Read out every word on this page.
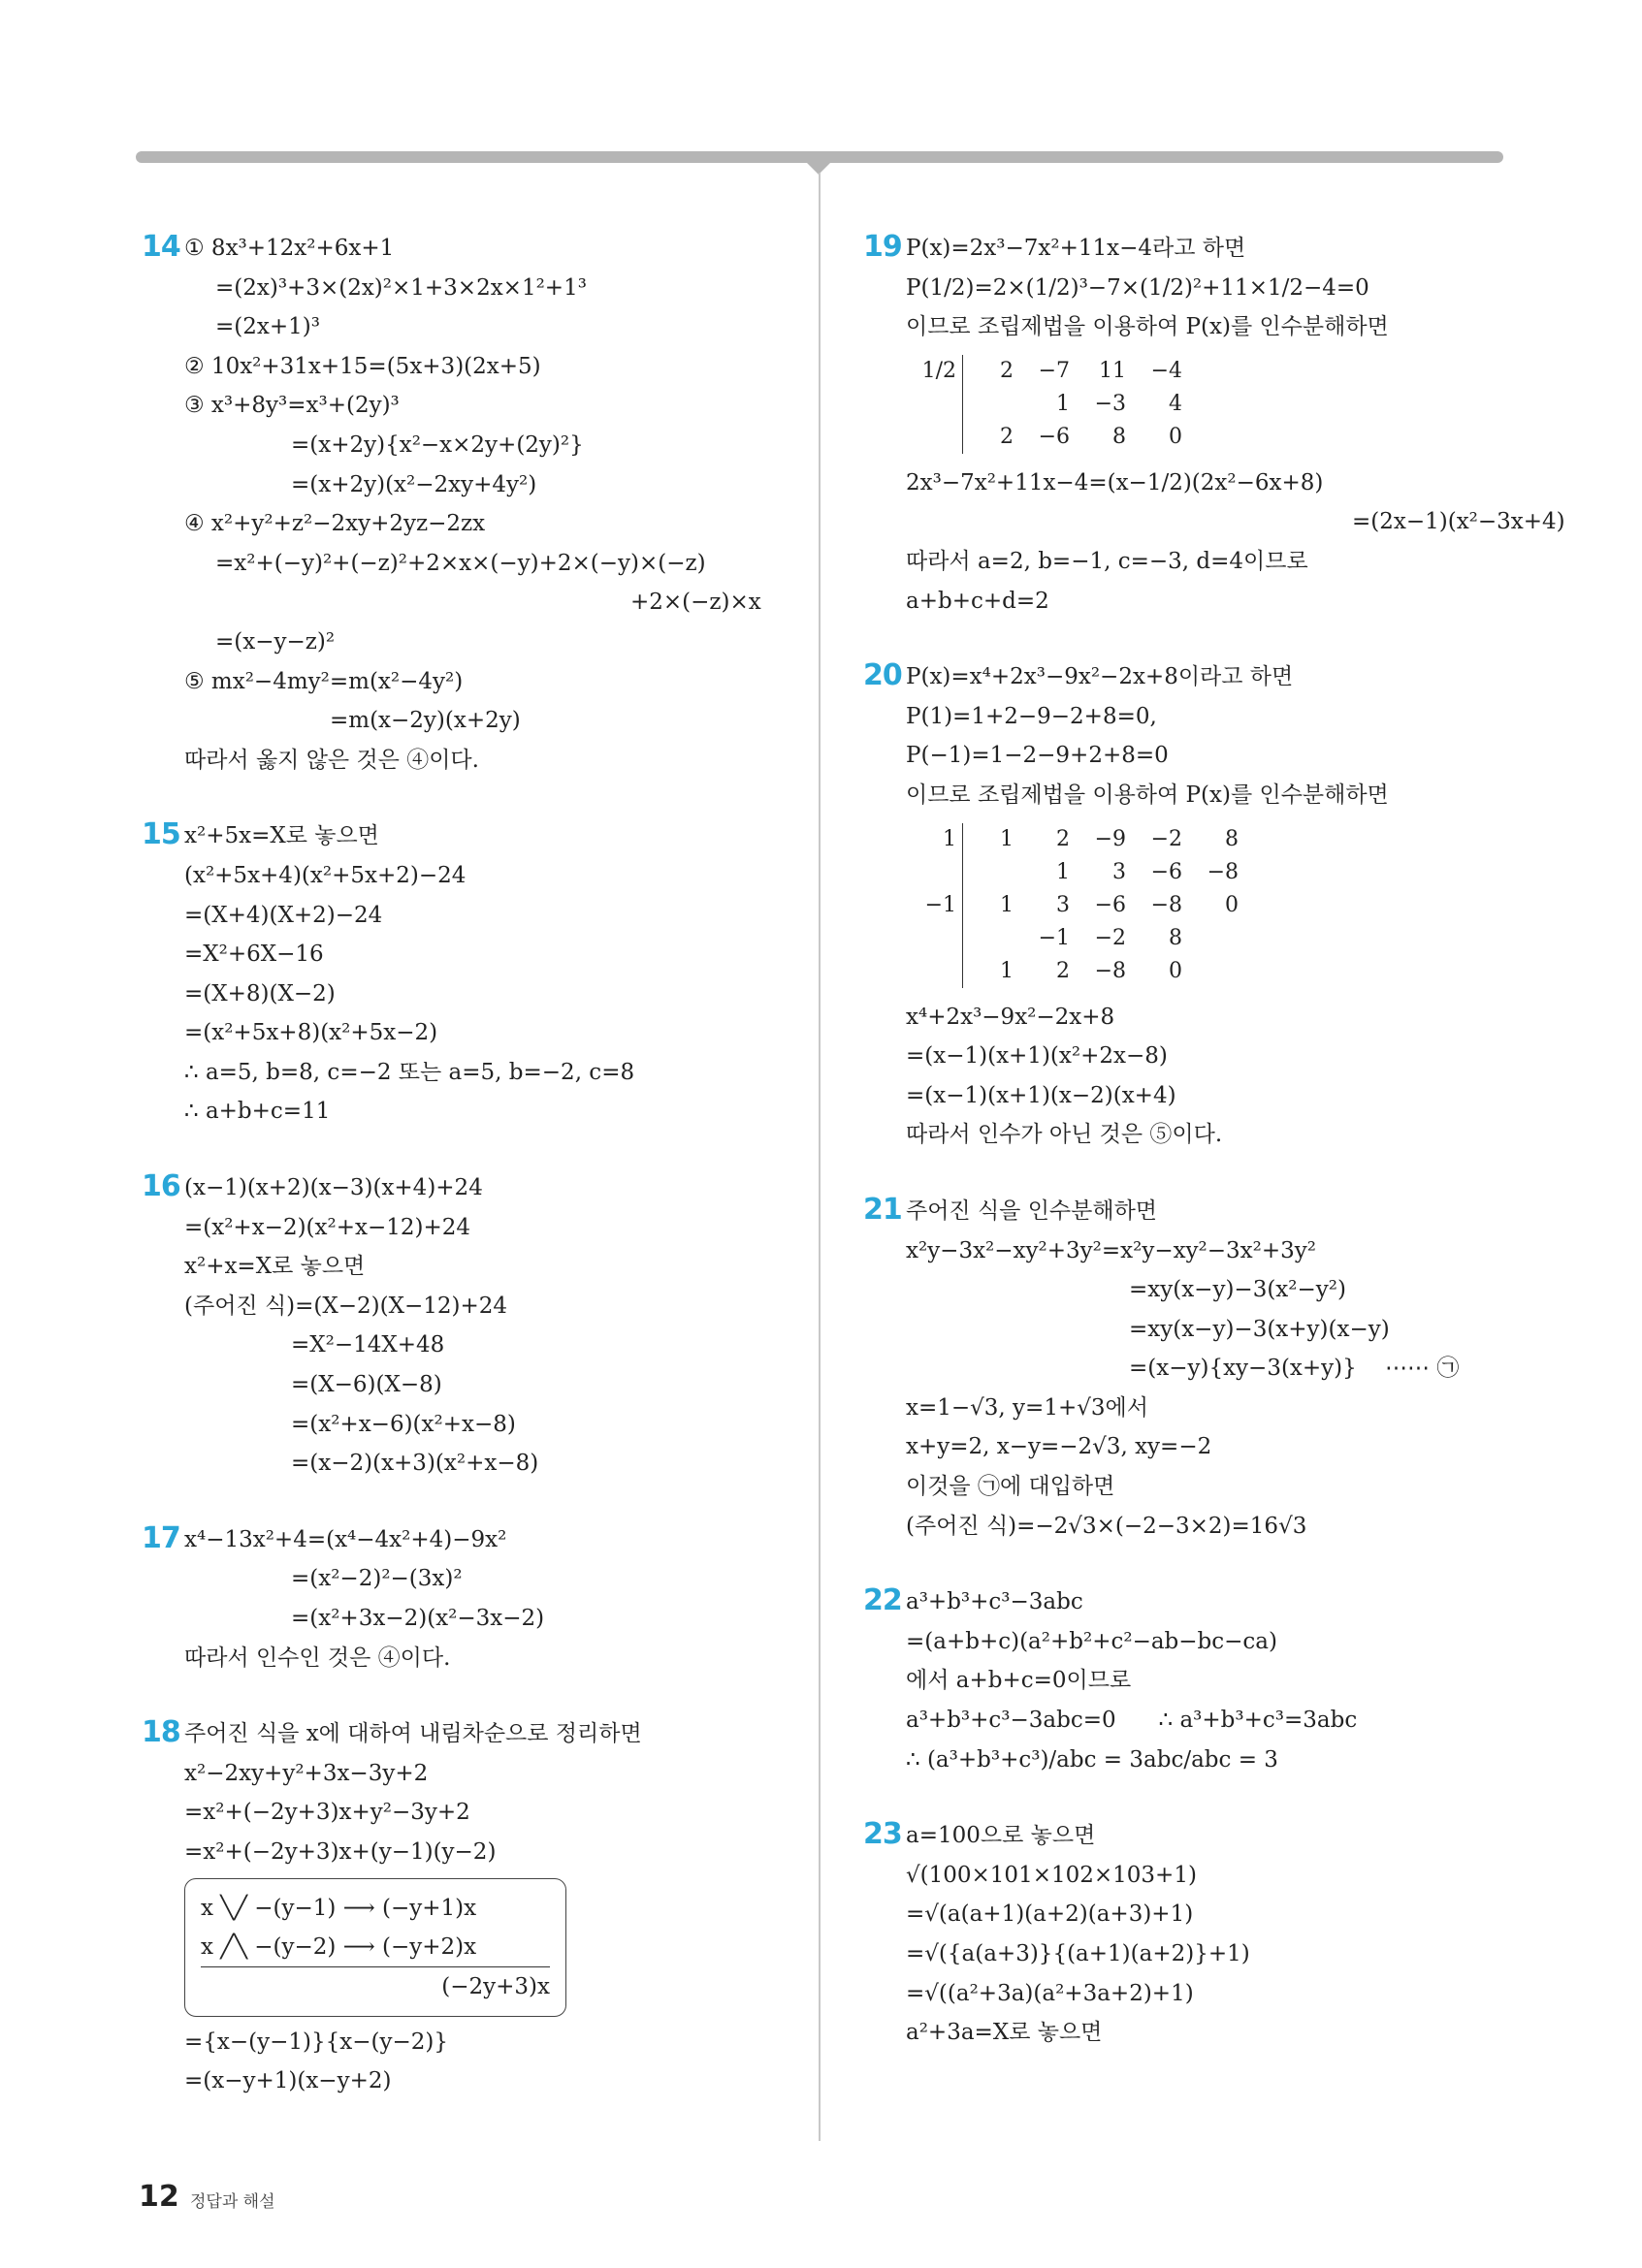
14 ① 8x³+12x²+6x+1
=(2x)³+3×(2x)²×1+3×2x×1²+1³
=(2x+1)³
② 10x²+31x+15=(5x+3)(2x+5)
③ x³+8y³=x³+(2y)³
=(x+2y){x²−x×2y+(2y)²}
=(x+2y)(x²−2xy+4y²)
④ x²+y²+z²−2xy+2yz−2zx
=x²+(−y)²+(−z)²+2×x×(−y)+2×(−y)×(−z)
+2×(−z)×x
=(x−y−z)²
⑤ mx²−4my²=m(x²−4y²)
=m(x−2y)(x+2y)
따라서 옳지 않은 것은 ④이다.
15 x²+5x=X로 놓으면
(x²+5x+4)(x²+5x+2)−24
=(X+4)(X+2)−24
=X²+6X−16
=(X+8)(X−2)
=(x²+5x+8)(x²+5x−2)
∴ a=5, b=8, c=−2 또는 a=5, b=−2, c=8
∴ a+b+c=11
16 (x−1)(x+2)(x−3)(x+4)+24
=(x²+x−2)(x²+x−12)+24
x²+x=X로 놓으면
(주어진 식)=(X−2)(X−12)+24
=X²−14X+48
=(X−6)(X−8)
=(x²+x−6)(x²+x−8)
=(x−2)(x+3)(x²+x−8)
17 x⁴−13x²+4=(x⁴−4x²+4)−9x²
=(x²−2)²−(3x)²
=(x²+3x−2)(x²−3x−2)
따라서 인수인 것은 ④이다.
18 주어진 식을 x에 대하여 내림차순으로 정리하면
x²−2xy+y²+3x−3y+2
=x²+(−2y+3)x+y²−3y+2
=x²+(−2y+3)x+(y−1)(y−2)
x ╲╱ −(y−1) ⟶ (−y+1)x
x ╱╲ −(y−2) ⟶ (−y+2)x
(−2y+3)x
={x−(y−1)}{x−(y−2)}
=(x−y+1)(x−y+2)
19 P(x)=2x³−7x²+11x−4라고 하면
P(1/2)=2×(1/2)³−7×(1/2)²+11×1/2−4=0
이므로 조립제법을 이용하여 P(x)를 인수분해하면
1/2	2	−7	11	−4
		1	−3	4
	2	−6	8	0
2x³−7x²+11x−4=(x−1/2)(2x²−6x+8)
=(2x−1)(x²−3x+4)
따라서 a=2, b=−1, c=−3, d=4이므로
a+b+c+d=2
20 P(x)=x⁴+2x³−9x²−2x+8이라고 하면
P(1)=1+2−9−2+8=0,
P(−1)=1−2−9+2+8=0
이므로 조립제법을 이용하여 P(x)를 인수분해하면
1	1	2	−9	−2	8
		1	3	−6	−8
−1	1	3	−6	−8	0
		−1	−2	8	
	1	2	−8	0	
x⁴+2x³−9x²−2x+8
=(x−1)(x+1)(x²+2x−8)
=(x−1)(x+1)(x−2)(x+4)
따라서 인수가 아닌 것은 ⑤이다.
21 주어진 식을 인수분해하면
x²y−3x²−xy²+3y²=x²y−xy²−3x²+3y²
=xy(x−y)−3(x²−y²)
=xy(x−y)−3(x+y)(x−y)
=(x−y){xy−3(x+y)}    ⋯⋯ ㉠
x=1−√3, y=1+√3에서
x+y=2, x−y=−2√3, xy=−2
이것을 ㉠에 대입하면
(주어진 식)=−2√3×(−2−3×2)=16√3
22 a³+b³+c³−3abc
=(a+b+c)(a²+b²+c²−ab−bc−ca)
에서 a+b+c=0이므로
a³+b³+c³−3abc=0      ∴ a³+b³+c³=3abc
∴ (a³+b³+c³)/abc = 3abc/abc = 3
23 a=100으로 놓으면
√(100×101×102×103+1)
=√(a(a+1)(a+2)(a+3)+1)
=√({a(a+3)}{(a+1)(a+2)}+1)
=√((a²+3a)(a²+3a+2)+1)
a²+3a=X로 놓으면
12 정답과 해설
